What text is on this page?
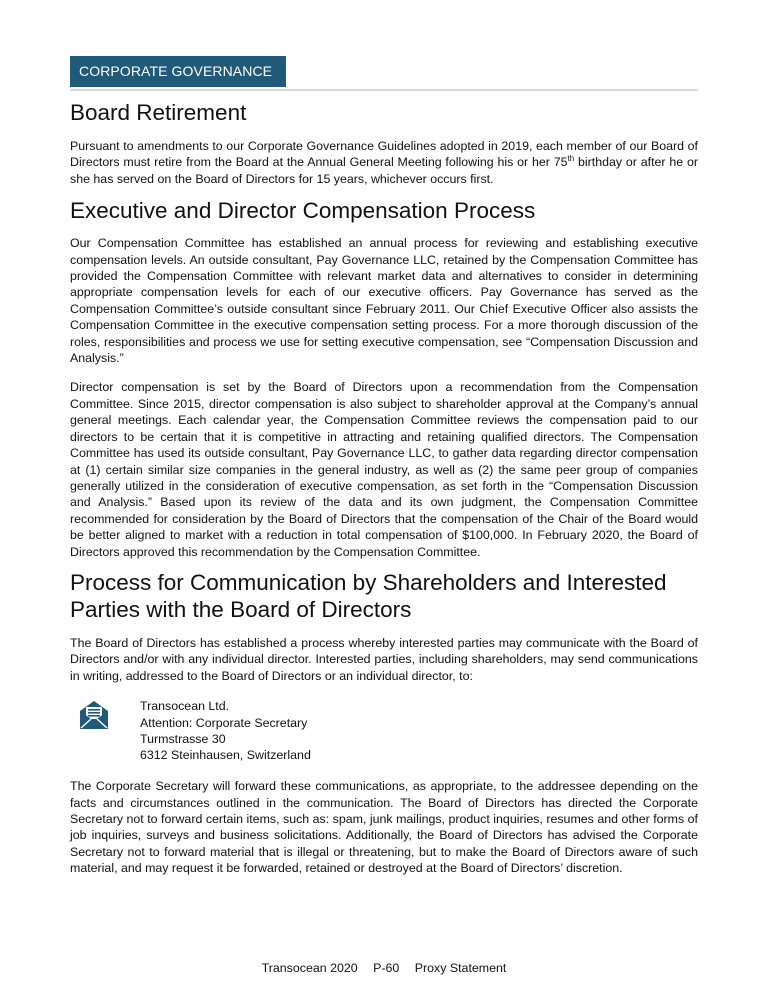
CORPORATE GOVERNANCE
Board Retirement

Pursuant to amendments to our Corporate Governance Guidelines adopted in 2019, each member of our Board of Directors must retire from the Board at the Annual General Meeting following his or her 75th birthday or after he or she has served on the Board of Directors for 15 years, whichever occurs first.

Executive and Director Compensation Process

Our Compensation Committee has established an annual process for reviewing and establishing executive compensation levels. An outside consultant, Pay Governance LLC, retained by the Compensation Committee has provided the Compensation Committee with relevant market data and alternatives to consider in determining appropriate compensation levels for each of our executive officers. Pay Governance has served as the Compensation Committee’s outside consultant since February 2011. Our Chief Executive Officer also assists the Compensation Committee in the executive compensation setting process. For a more thorough discussion of the roles, responsibilities and process we use for setting executive compensation, see “Compensation Discussion and Analysis.”

Director compensation is set by the Board of Directors upon a recommendation from the Compensation Committee. Since 2015, director compensation is also subject to shareholder approval at the Company’s annual general meetings. Each calendar year, the Compensation Committee reviews the compensation paid to our directors to be certain that it is competitive in attracting and retaining qualified directors. The Compensation Committee has used its outside consultant, Pay Governance LLC, to gather data regarding director compensation at (1) certain similar size companies in the general industry, as well as (2) the same peer group of companies generally utilized in the consideration of executive compensation, as set forth in the “Compensation Discussion and Analysis.” Based upon its review of the data and its own judgment, the Compensation Committee recommended for consideration by the Board of Directors that the compensation of the Chair of the Board would be better aligned to market with a reduction in total compensation of $100,000. In February 2020, the Board of Directors approved this recommendation by the Compensation Committee.

Process for Communication by Shareholders and Interested Parties with the Board of Directors

The Board of Directors has established a process whereby interested parties may communicate with the Board of Directors and/or with any individual director. Interested parties, including shareholders, may send communications in writing, addressed to the Board of Directors or an individual director, to:

Transocean Ltd.
Attention: Corporate Secretary
Turmstrasse 30
6312 Steinhausen, Switzerland

The Corporate Secretary will forward these communications, as appropriate, to the addressee depending on the facts and circumstances outlined in the communication. The Board of Directors has directed the Corporate Secretary not to forward certain items, such as: spam, junk mailings, product inquiries, resumes and other forms of job inquiries, surveys and business solicitations. Additionally, the Board of Directors has advised the Corporate Secretary not to forward material that is illegal or threatening, but to make the Board of Directors aware of such material, and may request it be forwarded, retained or destroyed at the Board of Directors’ discretion.

Transocean 2020 P-60 Proxy Statement
